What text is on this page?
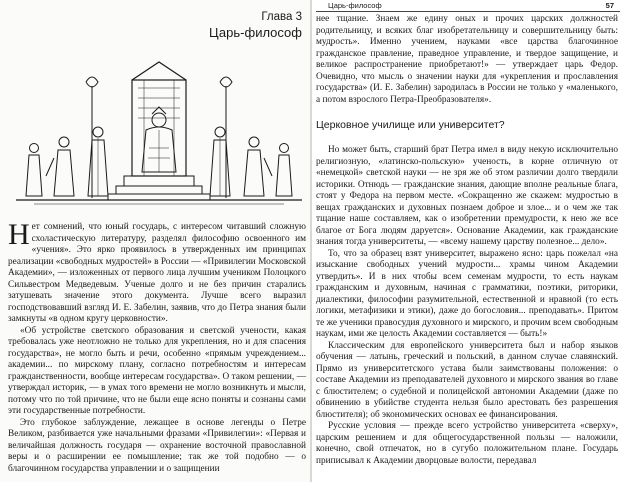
Глава 3
Царь-философ

Нет сомнений, что юный государь, с интересом читавший сложную схоластическую литературу, разделял философию освоенного им «учения». Это ярко проявилось в утвержденных им принципах реализации «свободных мудростей» в России — «Привилегии Московской Академии», — изложенных от первого лица лучшим учеником Полоцкого Сильвестром Медведевым. Ученые долго и не без причин старались затушевать значение этого документа. Лучше всего выразил господствовавший взгляд И. Е. Забелин, заявив, что до Петра знания были замкнуты «в одном кругу церковности».

«Об устройстве светского образования и светской учености, какая требовалась уже неотложно не только для укрепления, но и для спасения государства», не могло быть и речи, особенно «прямым учреждением... академии... по мирскому плану, согласно потребностям и интересам гражданственности, вообще интересам государства». О таком решении, — утверждал историк, — в умах того времени не могло возникнуть и мысли, потому что по той причине, что не были еще ясно поняты и сознаны сами эти государственные потребности.

Это глубокое заблуждение, лежащее в основе легенды о Петре Великом, разбивается уже начальными фразами «Привилегии»: «Первая и величайшая должность государя — охранение восточной православной веры и о расширении ее помышление; так же той подобно — о благочинном государства управлении и о защищении

Царь-философ	57

нее тщание. Знаем же едину оных и прочих царских должностей родительницу, и всяких благ изобретательницу и совершительницу быть: мудрость». Именно учением, науками «все царства благочинное гражданское правление, праведное управление, и твердое защищение, и великое распространение приобретают!» — утверждает царь Федор. Очевидно, что мысль о значении науки для «укрепления и прославления государства» (И. Е. Забелин) зародилась в России не только у «маленького, а потом взрослого Петра-Преобразователя».

Церковное училище или университет?

Но может быть, старший брат Петра имел в виду некую исключительно религиозную, «латинско-польскую» ученость, в корне отличную от «немецкой» светской науки — не зря же об этом различии долго твердили историки. Отнюдь — гражданские знания, дающие вполне реальные блага, стоят у Федора на первом месте. «Сокращенно же скажем: мудростью в вещах гражданских и духовных познаем доброе и злое... и о чем же так тщание наше составляем, как о изобретении премудрости, к нею же все благое от Бога людям даруется». Основание Академии, как гражданские знания тогда университеты, — «всему нашему царству полезное... дело».

То, что за образец взят университет, выражено ясно: царь пожелал «на изыскание свободных учений мудрости... храмы чином Академии утвердить». И в них чтобы всем семенам мудрости, то есть наукам гражданским и духовным, начиная с грамматики, поэтики, риторики, диалектики, философии разумительной, естественной и нравной (то есть логики, метафизики и этики), даже до богословия... преподавать». Притом те же ученики правосудия духовного и мирского, и прочим всем свободным наукам, ими же целость Академии составляется — быть!»

Классическим для европейского университета был и набор языков обучения — латынь, греческий и польский, в данном случае славянский. Прямо из университетского устава были заимствованы положения: о составе Академии из преподавателей духовного и мирского звания во главе с блюстителем; о судебной и полицейской автономии Академии (даже по обвинению в убийстве студента нельзя было арестовать без разрешения блюстителя); об экономических основах ее финансирования.

Русские условия — прежде всего устройство университета «сверху», царским решением и для общегосударственной пользы — наложили, конечно, свой отпечаток, но в сугубо положительном плане. Государь приписывал к Академии дворцовые волости, передавал
